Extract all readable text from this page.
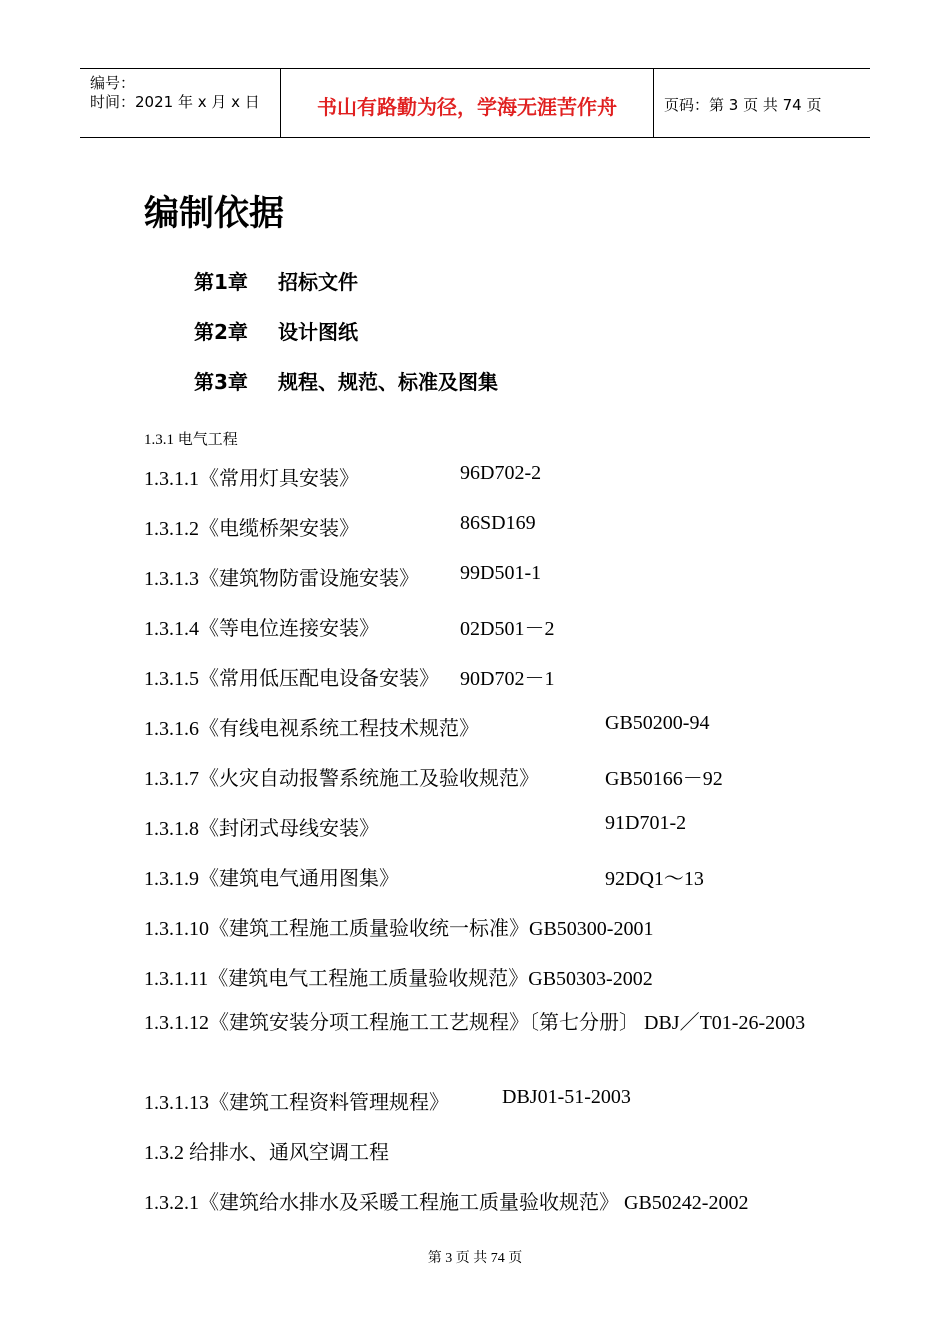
编号：
时间：2021 年 x 月 x 日	书山有路勤为径，学海无涯苦作舟	页码：第 3 页 共 74 页
编制依据
第1章 招标文件
第2章 设计图纸
第3章 规程、规范、标准及图集
1.3.1 电气工程
1.3.1.1《常用灯具安装》	96D702-2
1.3.1.2《电缆桥架安装》	86SD169
1.3.1.3《建筑物防雷设施安装》 99D501-1
1.3.1.4《等电位连接安装》	02D501－2
1.3.1.5《常用低压配电设备安装》 90D702－1
1.3.1.6《有线电视系统工程技术规范》	GB50200-94
1.3.1.7《火灾自动报警系统施工及验收规范》	GB50166－92
1.3.1.8《封闭式母线安装》	91D701-2
1.3.1.9《建筑电气通用图集》	92DQ1～13
1.3.1.10《建筑工程施工质量验收统一标准》GB50300-2001
1.3.1.11《建筑电气工程施工质量验收规范》GB50303-2002
1.3.1.12《建筑安装分项工程施工工艺规程》〔第七分册〕 DBJ／T01-26-2003
1.3.1.13《建筑工程资料管理规程》	DBJ01-51-2003
1.3.2 给排水、通风空调工程
1.3.2.1《建筑给水排水及采暖工程施工质量验收规范》 GB50242-2002
第 3 页 共 74 页
